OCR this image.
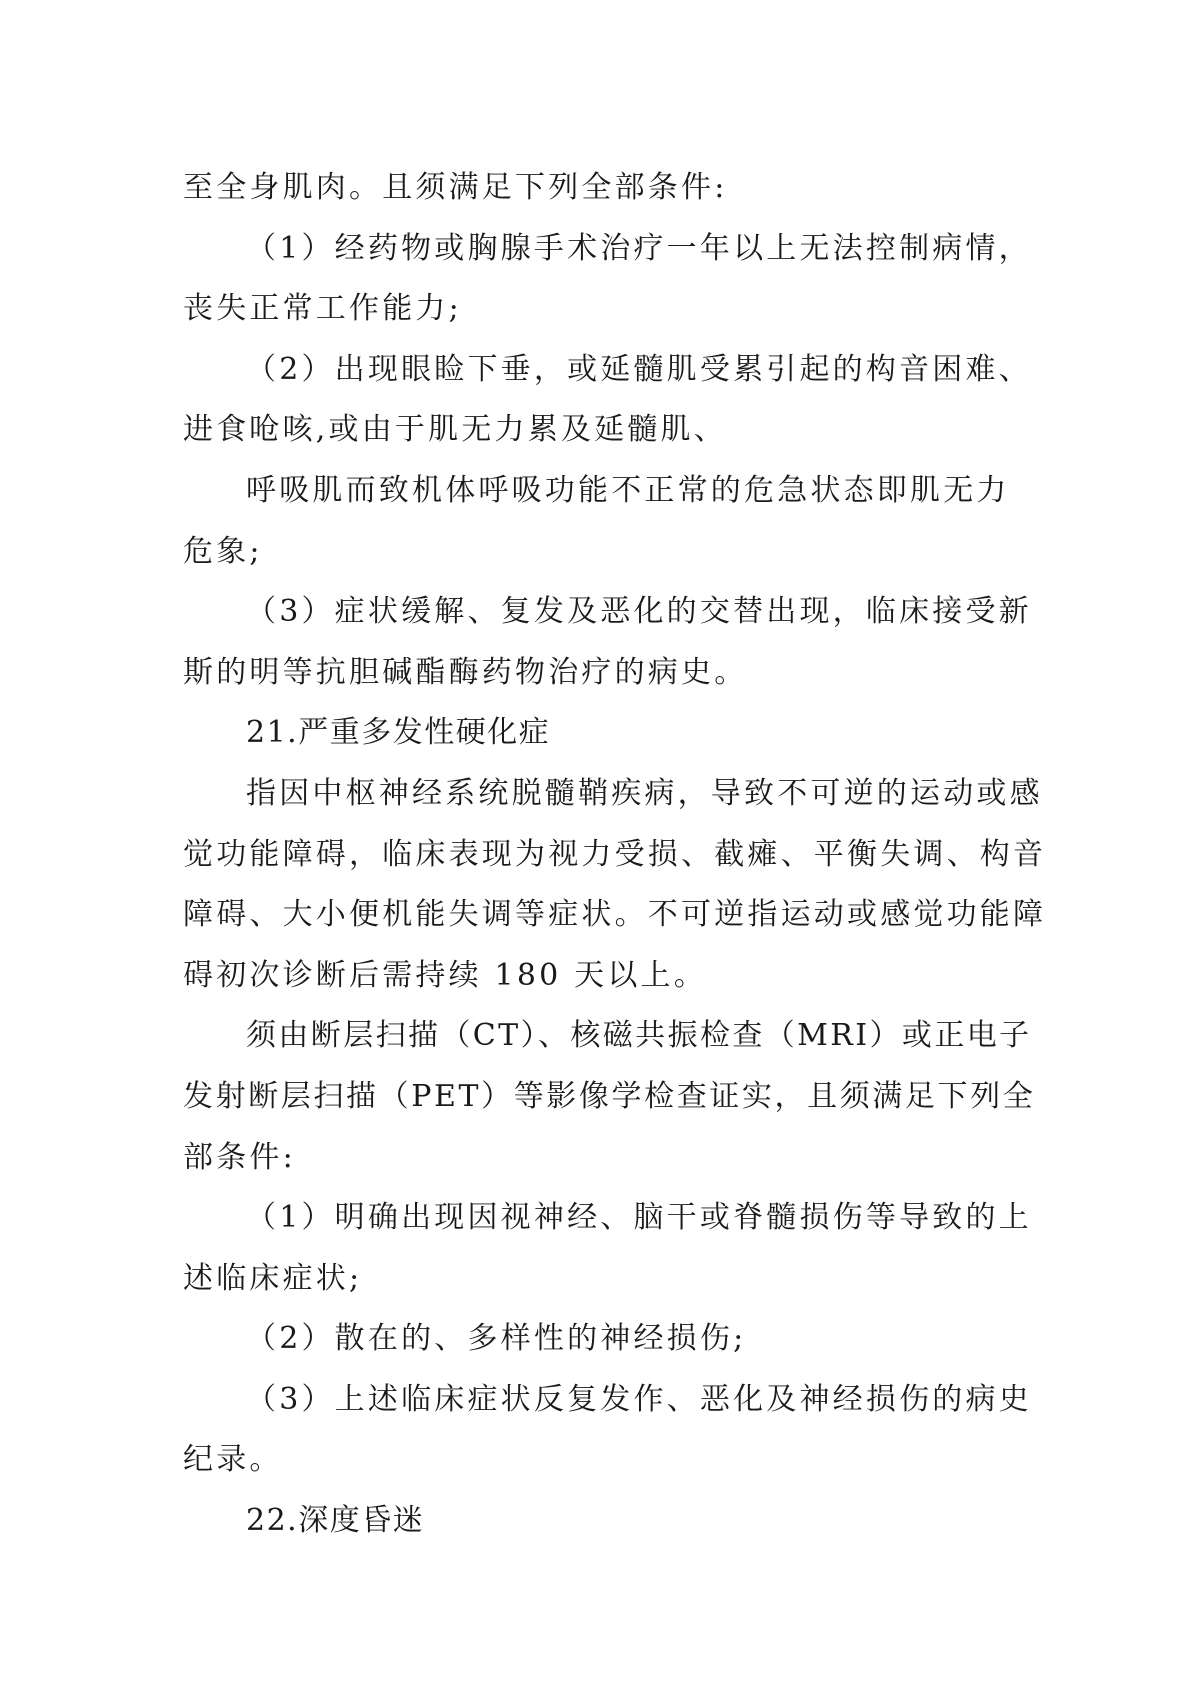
至全身肌肉。且须满足下列全部条件:

（1）经药物或胸腺手术治疗一年以上无法控制病情，
丧失正常工作能力;

（2）出现眼睑下垂，或延髓肌受累引起的构音困难、
进食呛咳,或由于肌无力累及延髓肌、

呼吸肌而致机体呼吸功能不正常的危急状态即肌无力
危象;

（3）症状缓解、复发及恶化的交替出现，临床接受新
斯的明等抗胆碱酯酶药物治疗的病史。

21.严重多发性硬化症

指因中枢神经系统脱髓鞘疾病，导致不可逆的运动或感
觉功能障碍，临床表现为视力受损、截瘫、平衡失调、构音
障碍、大小便机能失调等症状。不可逆指运动或感觉功能障
碍初次诊断后需持续 180 天以上。

须由断层扫描（CT）、核磁共振检查（MRI）或正电子
发射断层扫描（PET）等影像学检查证实，且须满足下列全
部条件:

（1）明确出现因视神经、脑干或脊髓损伤等导致的上
述临床症状;

（2）散在的、多样性的神经损伤;

（3）上述临床症状反复发作、恶化及神经损伤的病史
纪录。

22.深度昏迷
